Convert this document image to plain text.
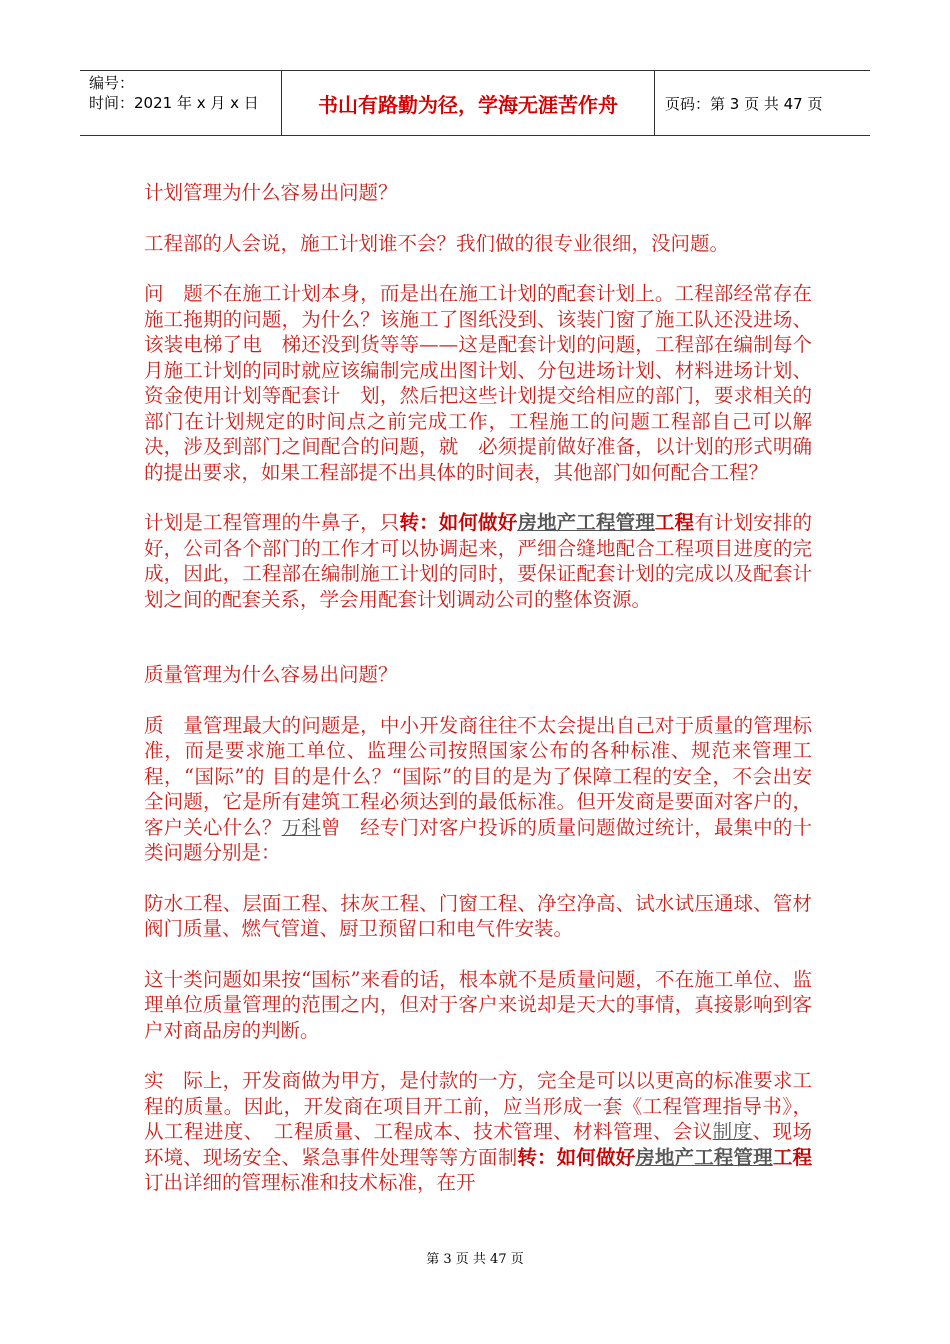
编号：
时间：2021 年 x 月 x 日	书山有路勤为径，学海无涯苦作舟	页码：第 3 页 共 47 页

计划管理为什么容易出问题？

工程部的人会说，施工计划谁不会？我们做的很专业很细，没问题。

问　题不在施工计划本身，而是出在施工计划的配套计划上。工程部经常存在施工拖期的问题，为什么？该施工了图纸没到、该装门窗了施工队还没进场、该装电梯了电　梯还没到货等等——这是配套计划的问题，工程部在编制每个月施工计划的同时就应该编制完成出图计划、分包进场计划、材料进场计划、资金使用计划等配套计　划，然后把这些计划提交给相应的部门，要求相关的部门在计划规定的时间点之前完成工作，工程施工的问题工程部自己可以解决，涉及到部门之间配合的问题，就　必须提前做好准备，以计划的形式明确的提出要求，如果工程部提不出具体的时间表，其他部门如何配合工程？

计划是工程管理的牛鼻子，只转：如何做好房地产工程管理工程有计划安排的好，公司各个部门的工作才可以协调起来，严细合缝地配合工程项目进度的完成，因此，工程部在编制施工计划的同时，要保证配套计划的完成以及配套计划之间的配套关系，学会用配套计划调动公司的整体资源。

质量管理为什么容易出问题？

质　量管理最大的问题是，中小开发商往往不太会提出自己对于质量的管理标准，而是要求施工单位、监理公司按照国家公布的各种标准、规范来管理工程，“国际”的 目的是什么？“国际”的目的是为了保障工程的安全，不会出安全问题，它是所有建筑工程必须达到的最低标准。但开发商是要面对客户的，客户关心什么？万科曾　经专门对客户投诉的质量问题做过统计，最集中的十类问题分别是：

防水工程、层面工程、抹灰工程、门窗工程、净空净高、试水试压通球、管材阀门质量、燃气管道、厨卫预留口和电气件安装。

这十类问题如果按“国标”来看的话，根本就不是质量问题，不在施工单位、监理单位质量管理的范围之内，但对于客户来说却是天大的事情，真接影响到客户对商品房的判断。

实　际上，开发商做为甲方，是付款的一方，完全是可以以更高的标准要求工程的质量。因此，开发商在项目开工前，应当形成一套《工程管理指导书》，从工程进度、　工程质量、工程成本、技术管理、材料管理、会议制度、现场环境、现场安全、紧急事件处理等等方面制转：如何做好房地产工程管理工程订出详细的管理标准和技术标准，在开

第 3 页 共 47 页
